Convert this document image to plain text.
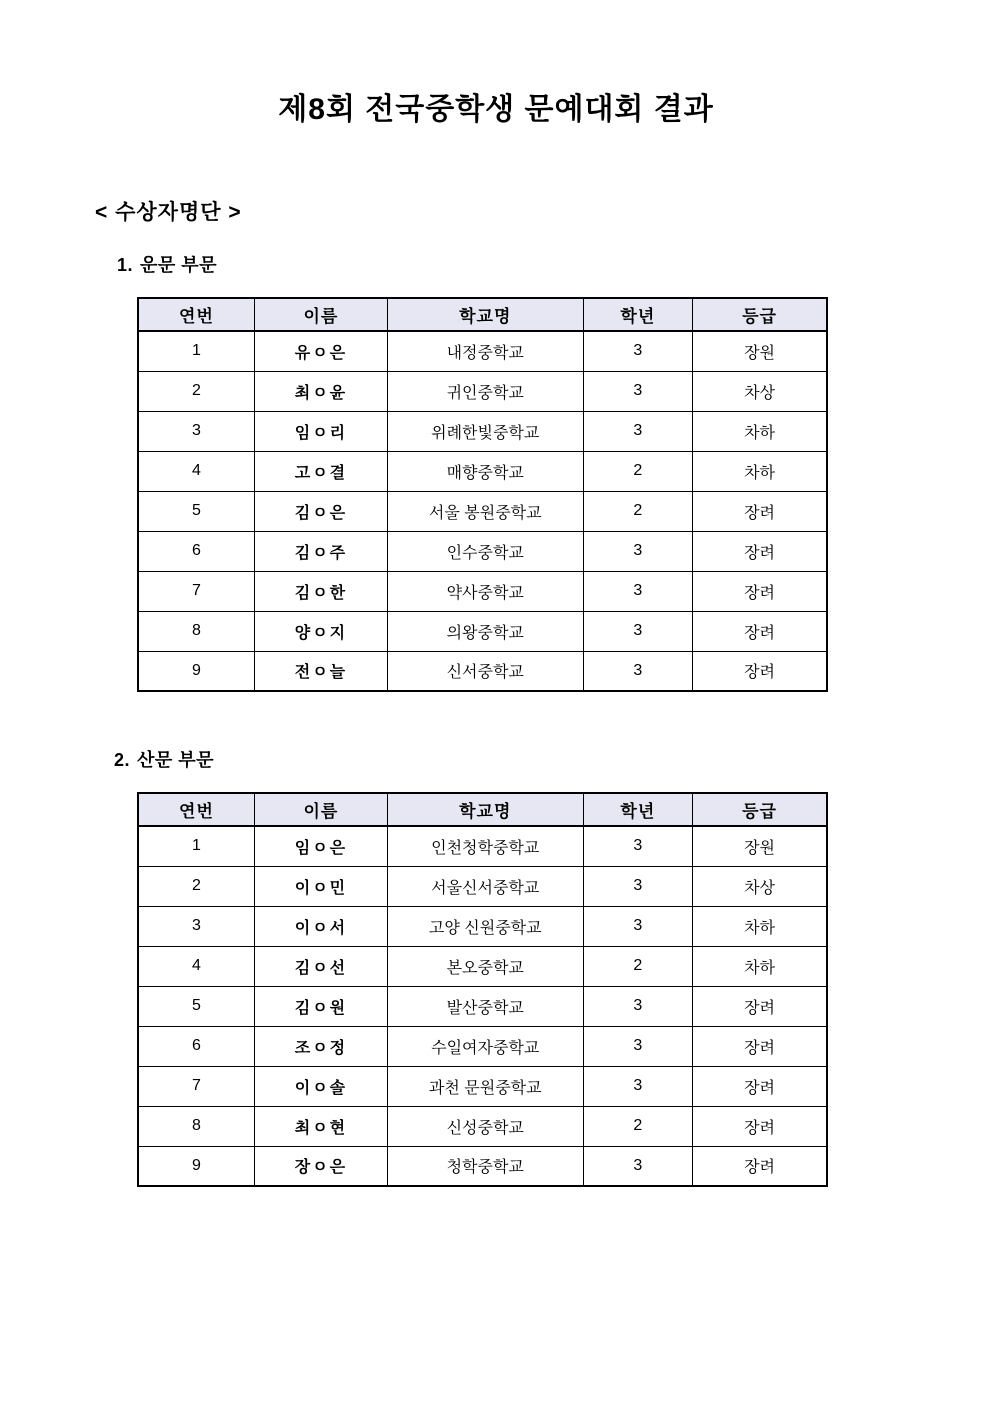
제8회 전국중학생 문예대회 결과
< 수상자명단 >
1. 운문 부문
연번	이름	학교명	학년	등급
1	유ㅇ은	내정중학교	3	장원
2	최ㅇ윤	귀인중학교	3	차상
3	임ㅇ리	위례한빛중학교	3	차하
4	고ㅇ결	매향중학교	2	차하
5	김ㅇ은	서울 봉원중학교	2	장려
6	김ㅇ주	인수중학교	3	장려
7	김ㅇ한	약사중학교	3	장려
8	양ㅇ지	의왕중학교	3	장려
9	전ㅇ늘	신서중학교	3	장려
2. 산문 부문
연번	이름	학교명	학년	등급
1	임ㅇ은	인천청학중학교	3	장원
2	이ㅇ민	서울신서중학교	3	차상
3	이ㅇ서	고양 신원중학교	3	차하
4	김ㅇ선	본오중학교	2	차하
5	김ㅇ원	발산중학교	3	장려
6	조ㅇ정	수일여자중학교	3	장려
7	이ㅇ솔	과천 문원중학교	3	장려
8	최ㅇ현	신성중학교	2	장려
9	장ㅇ은	청학중학교	3	장려
